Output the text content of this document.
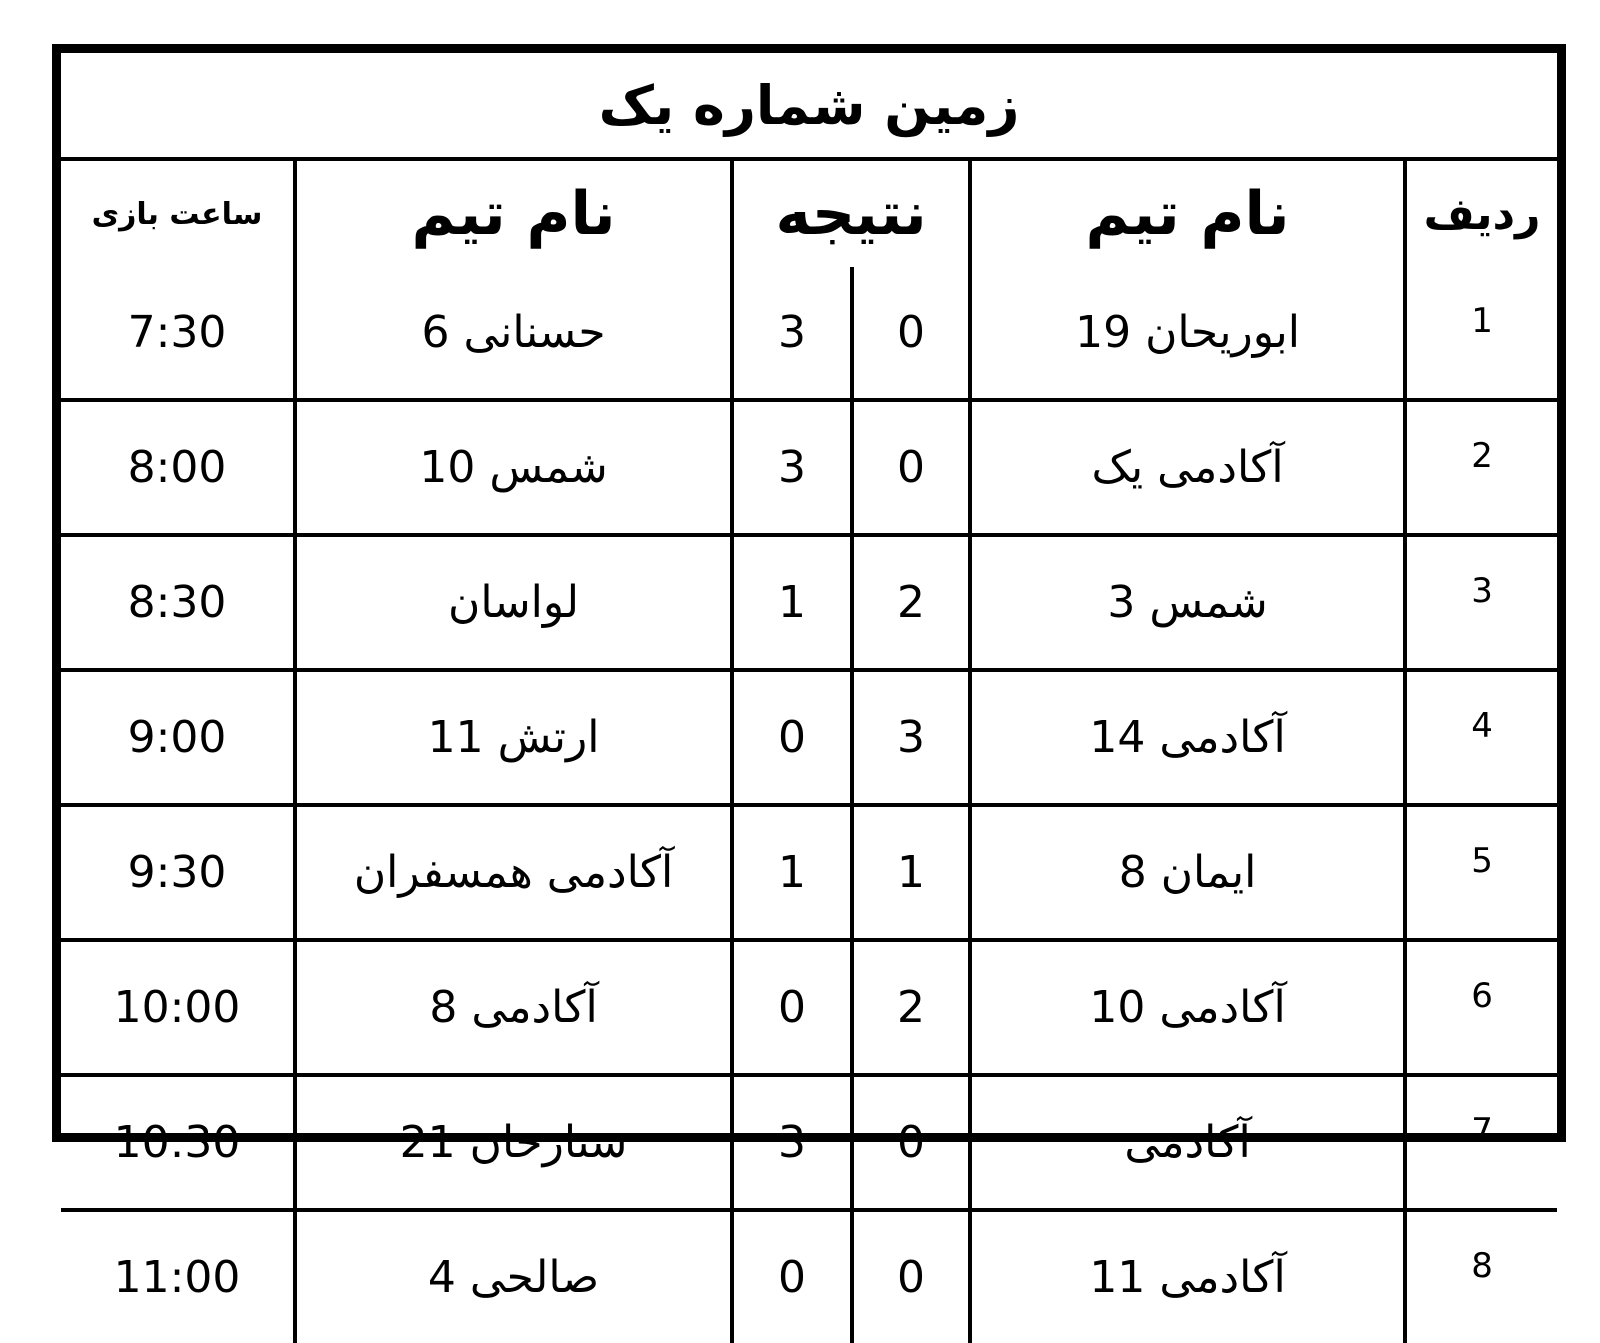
زمین شماره یک					
ردیف	نام تیم	نتیجه		نام تیم	ساعت بازی
1	ابوریحان 19	0	3	حسنانی 6	7:30
2	آکادمی یک	0	3	شمس 10	8:00
3	شمس 3	2	1	لواسان	8:30
4	آکادمی 14	3	0	ارتش 11	9:00
5	ایمان 8	1	1	آکادمی همسفران	9:30
6	آکادمی 10	2	0	آکادمی 8	10:00
7	آکادمی	0	3	ستارخان 21	10:30
8	آکادمی 11	0	0	صالحی 4	11:00
